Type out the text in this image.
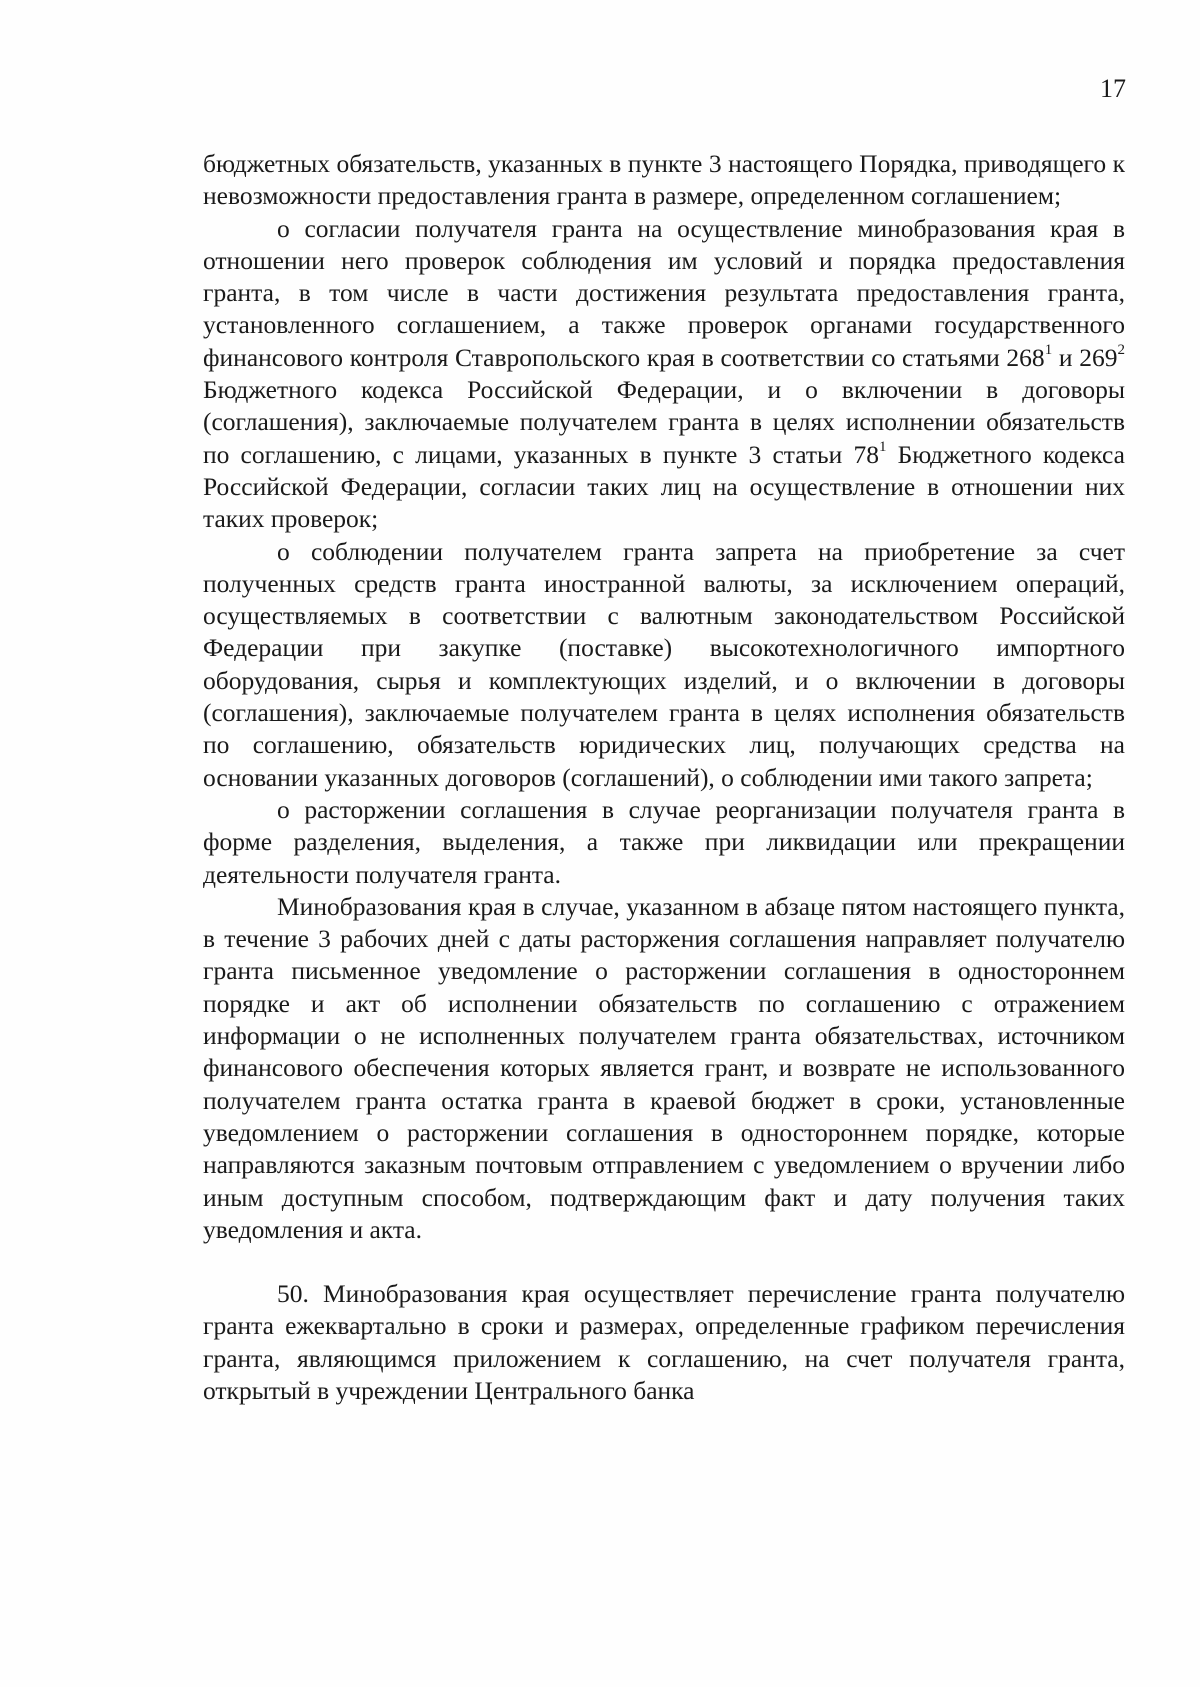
17

бюджетных обязательств, указанных в пункте 3 настоящего Порядка, приводящего к невозможности предоставления гранта в размере, определенном соглашением;

о согласии получателя гранта на осуществление минобразования края в отношении него проверок соблюдения им условий и порядка предоставления гранта, в том числе в части достижения результата предоставления гранта, установленного соглашением, а также проверок органами государственного финансового контроля Ставропольского края в соответствии со статьями $268^1$ и $269^2$ Бюджетного кодекса Российской Федерации, и о включении в договоры (соглашения), заключаемые получателем гранта в целях исполнении обязательств по соглашению, с лицами, указанных в пункте 3 статьи $78^1$ Бюджетного кодекса Российской Федерации, согласии таких лиц на осуществление в отношении них таких проверок;

о соблюдении получателем гранта запрета на приобретение за счет полученных средств гранта иностранной валюты, за исключением операций, осуществляемых в соответствии с валютным законодательством Российской Федерации при закупке (поставке) высокотехнологичного импортного оборудования, сырья и комплектующих изделий, и о включении в договоры (соглашения), заключаемые получателем гранта в целях исполнения обязательств по соглашению, обязательств юридических лиц, получающих средства на основании указанных договоров (соглашений), о соблюдении ими такого запрета;

о расторжении соглашения в случае реорганизации получателя гранта в форме разделения, выделения, а также при ликвидации или прекращении деятельности получателя гранта.

Минобразования края в случае, указанном в абзаце пятом настоящего пункта, в течение 3 рабочих дней с даты расторжения соглашения направляет получателю гранта письменное уведомление о расторжении соглашения в одностороннем порядке и акт об исполнении обязательств по соглашению с отражением информации о не исполненных получателем гранта обязательствах, источником финансового обеспечения которых является грант, и возврате не использованного получателем гранта остатка гранта в краевой бюджет в сроки, установленные уведомлением о расторжении соглашения в одностороннем порядке, которые направляются заказным почтовым отправлением с уведомлением о вручении либо иным доступным способом, подтверждающим факт и дату получения таких уведомления и акта.

50. Минобразования края осуществляет перечисление гранта получателю гранта ежеквартально в сроки и размерах, определенные графиком перечисления гранта, являющимся приложением к соглашению, на счет получателя гранта, открытый в учреждении Центрального банка
